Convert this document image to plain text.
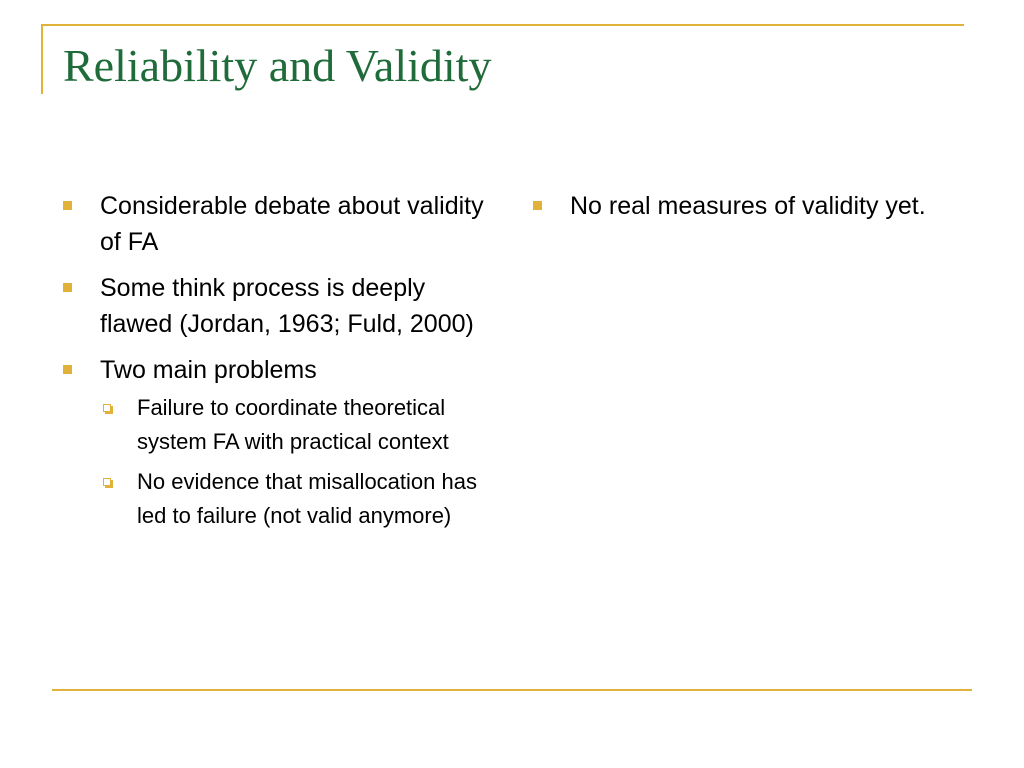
Reliability and Validity
Considerable debate about validity of FA
Some think process is deeply flawed (Jordan, 1963; Fuld, 2000)
Two main problems
Failure to coordinate theoretical system FA with practical context
No evidence that misallocation has led to failure (not valid anymore)
No real measures of validity yet.
